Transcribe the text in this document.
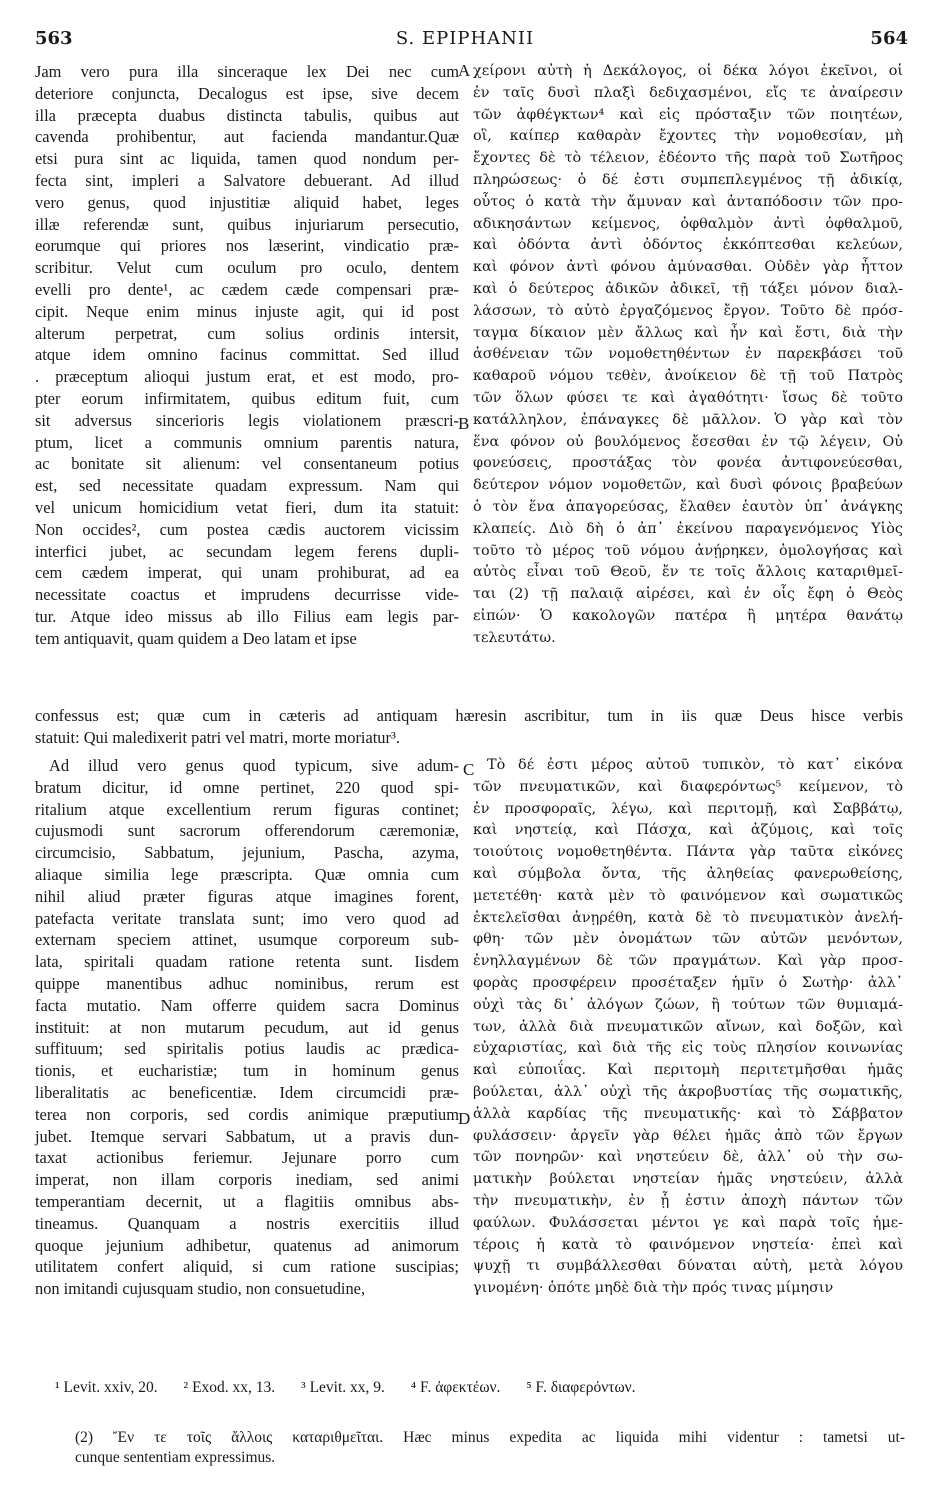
563	S. EPIPHANII	564
A
B
C
D
Jam vero pura illa sinceraque lex Dei nec cum
deteriore conjuncta, Decalogus est ipse, sive decem
illa præcepta duabus distincta tabulis, quibus aut
cavenda prohibentur, aut facienda mandantur.Quæ
etsi pura sint ac liquida, tamen quod nondum per-
fecta sint, impleri a Salvatore debuerant. Ad illud
vero genus, quod injustitiæ aliquid habet, leges
illæ referendæ sunt, quibus injuriarum persecutio,
eorumque qui priores nos læserint, vindicatio præ-
scribitur. Velut cum oculum pro oculo, dentem
evelli pro dente¹, ac cædem cæde compensari præ-
cipit. Neque enim minus injuste agit, qui id post
alterum perpetrat, cum solius ordinis intersit,
atque idem omnino facinus committat. Sed illud
. præceptum alioqui justum erat, et est modo, pro-
pter eorum infirmitatem, quibus editum fuit, cum
sit adversus sincerioris legis violationem præscri-
ptum, licet a communis omnium parentis natura,
ac bonitate sit alienum: vel consentaneum potius
est, sed necessitate quadam expressum. Nam qui
vel unicum homicidium vetat fieri, dum ita statuit:
Non occides², cum postea cædis auctorem vicissim
interfici jubet, ac secundam legem ferens dupli-
cem cædem imperat, qui unam prohiburat, ad ea
necessitate coactus et imprudens decurrisse vide-
tur. Atque ideo missus ab illo Filius eam legis par-
tem antiquavit, quam quidem a Deo latam et ipse
χείρονι αὐτὴ ἡ Δεκάλογος, οἱ δέκα λόγοι ἐκεῖνοι, οἱ
ἐν ταῖς δυσὶ πλαξὶ δεδιχασμένοι, εἴς τε ἀναίρεσιν
τῶν ἀφθέγκτων⁴ καὶ εἰς πρόσταξιν τῶν ποιητέων,
οἳ, καίπερ καθαρὰν ἔχοντες τὴν νομοθεσίαν, μὴ
ἔχοντες δὲ τὸ τέλειον, ἐδέοντο τῆς παρὰ τοῦ Σωτῆρος
πληρώσεως· ὁ δέ ἐστι συμπεπλεγμένος τῇ ἀδικίᾳ,
οὗτος ὁ κατὰ τὴν ἄμυναν καὶ ἀνταπόδοσιν τῶν προ-
αδικησάντων κείμενος, ὀφθαλμὸν ἀντὶ ὀφθαλμοῦ,
καὶ ὀδόντα ἀντὶ ὀδόντος ἐκκόπτεσθαι κελεύων,
καὶ φόνον ἀντὶ φόνου ἀμύνασθαι. Οὐδὲν γὰρ ἧττον
καὶ ὁ δεύτερος ἀδικῶν ἀδικεῖ, τῇ τάξει μόνον διαλ-
λάσσων, τὸ αὐτὸ ἐργαζόμενος ἔργον. Τοῦτο δὲ πρόσ-
ταγμα δίκαιον μὲν ἄλλως καὶ ἦν καὶ ἔστι, διὰ τὴν
ἀσθένειαν τῶν νομοθετηθέντων ἐν παρεκβάσει τοῦ
καθαροῦ νόμου τεθὲν, ἀνοίκειον δὲ τῇ τοῦ Πατρὸς
τῶν ὅλων φύσει τε καὶ ἀγαθότητι· ἴσως δὲ τοῦτο
κατάλληλον, ἐπάναγκες δὲ μᾶλλον. Ὁ γὰρ καὶ τὸν
ἕνα φόνον οὐ βουλόμενος ἔσεσθαι ἐν τῷ λέγειν, Οὐ
φονεύσεις, προστάξας τὸν φονέα ἀντιφονεύεσθαι,
δεύτερον νόμον νομοθετῶν, καὶ δυσὶ φόνοις βραβεύων
ὁ τὸν ἕνα ἀπαγορεύσας, ἔλαθεν ἑαυτὸν ὑπ᾽ ἀνάγκης
κλαπείς. Διὸ δὴ ὁ ἀπ᾽ ἐκείνου παραγενόμενος Υἱὸς
τοῦτο τὸ μέρος τοῦ νόμου ἀνῄρηκεν, ὁμολογήσας καὶ
αὐτὸς εἶναι τοῦ Θεοῦ, ἔν τε τοῖς ἄλλοις καταριθμεῖ-
ται (2) τῇ παλαιᾷ αἱρέσει, καὶ ἐν οἷς ἔφη ὁ Θεὸς
εἰπών· Ὁ κακολογῶν πατέρα ἢ μητέρα θανάτῳ
τελευτάτω.
confessus est; quæ cum in cæteris ad antiquam hæresin ascribitur, tum in iis quæ Deus hisce verbis
statuit: Qui maledixerit patri vel matri, morte moriatur³.
Ad illud vero genus quod typicum, sive adum-
bratum dicitur, id omne pertinet, 220 quod spi-
ritalium atque excellentium rerum figuras continet;
cujusmodi sunt sacrorum offerendorum cæremoniæ,
circumcisio, Sabbatum, jejunium, Pascha, azyma,
aliaque similia lege præscripta. Quæ omnia cum
nihil aliud præter figuras atque imagines forent,
patefacta veritate translata sunt; imo vero quod ad
externam speciem attinet, usumque corporeum sub-
lata, spiritali quadam ratione retenta sunt. Iisdem
quippe manentibus adhuc nominibus, rerum est
facta mutatio. Nam offerre quidem sacra Dominus
instituit: at non mutarum pecudum, aut id genus
suffituum; sed spiritalis potius laudis ac prædica-
tionis, et eucharistiæ; tum in hominum genus
liberalitatis ac beneficentiæ. Idem circumcidi præ-
terea non corporis, sed cordis animique præputium
jubet. Itemque servari Sabbatum, ut a pravis dun-
taxat actionibus feriemur. Jejunare porro cum
imperat, non illam corporis inediam, sed animi
temperantiam decernit, ut a flagitiis omnibus abs-
tineamus. Quanquam a nostris exercitiis illud
quoque jejunium adhibetur, quatenus ad animorum
utilitatem confert aliquid, si cum ratione suscipias;
non imitandi cujusquam studio, non consuetudine,
Τὸ δέ ἐστι μέρος αὐτοῦ τυπικὸν, τὸ κατ᾽ εἰκόνα
τῶν πνευματικῶν, καὶ διαφερόντως⁵ κείμενον, τὸ
ἐν προσφοραῖς, λέγω, καὶ περιτομῇ, καὶ Σαββάτῳ,
καὶ νηστείᾳ, καὶ Πάσχα, καὶ ἀζύμοις, καὶ τοῖς
τοιούτοις νομοθετηθέντα. Πάντα γὰρ ταῦτα εἰκόνες
καὶ σύμβολα ὄντα, τῆς ἀληθείας φανερωθείσης,
μετετέθη· κατὰ μὲν τὸ φαινόμενον καὶ σωματικῶς
ἐκτελεῖσθαι ἀνῃρέθη, κατὰ δὲ τὸ πνευματικὸν ἀνελή-
φθη· τῶν μὲν ὀνομάτων τῶν αὐτῶν μενόντων,
ἐνηλλαγμένων δὲ τῶν πραγμάτων. Καὶ γὰρ προσ-
φορὰς προσφέρειν προσέταξεν ἡμῖν ὁ Σωτὴρ· ἀλλ᾽
οὐχὶ τὰς δι᾽ ἀλόγων ζώων, ἢ τούτων τῶν θυμιαμά-
των, ἀλλὰ διὰ πνευματικῶν αἴνων, καὶ δοξῶν, καὶ
εὐχαριστίας, καὶ διὰ τῆς εἰς τοὺς πλησίον κοινωνίας
καὶ εὐποιΐας. Καὶ περιτομὴ περιτετμῆσθαι ἡμᾶς
βούλεται, ἀλλ᾽ οὐχὶ τῆς ἀκροβυστίας τῆς σωματικῆς,
ἀλλὰ καρδίας τῆς πνευματικῆς· καὶ τὸ Σάββατον
φυλάσσειν· ἀργεῖν γὰρ θέλει ἡμᾶς ἀπὸ τῶν ἔργων
τῶν πονηρῶν· καὶ νηστεύειν δὲ, ἀλλ᾽ οὐ τὴν σω-
ματικὴν βούλεται νηστείαν ἡμᾶς νηστεύειν, ἀλλὰ
τὴν πνευματικὴν, ἐν ᾗ ἐστιν ἀποχὴ πάντων τῶν
φαύλων. Φυλάσσεται μέντοι γε καὶ παρὰ τοῖς ἡμε-
τέροις ἡ κατὰ τὸ φαινόμενον νηστεία· ἐπεὶ καὶ
ψυχῇ τι συμβάλλεσθαι δύναται αὐτὴ, μετὰ λόγου
γινομένη· ὁπότε μηδὲ διὰ τὴν πρός τινας μίμησιν
¹ Levit. xxiv, 20. ² Exod. xx, 13. ³ Levit. xx, 9. ⁴ F. ἀφεκτέων. ⁵ F. διαφερόντων.
(2) Ἔν τε τοῖς ἄλλοις καταριθμεῖται. Hæc minus expedita ac liquida mihi videntur : tametsi ut-
cunque sententiam expressimus.
